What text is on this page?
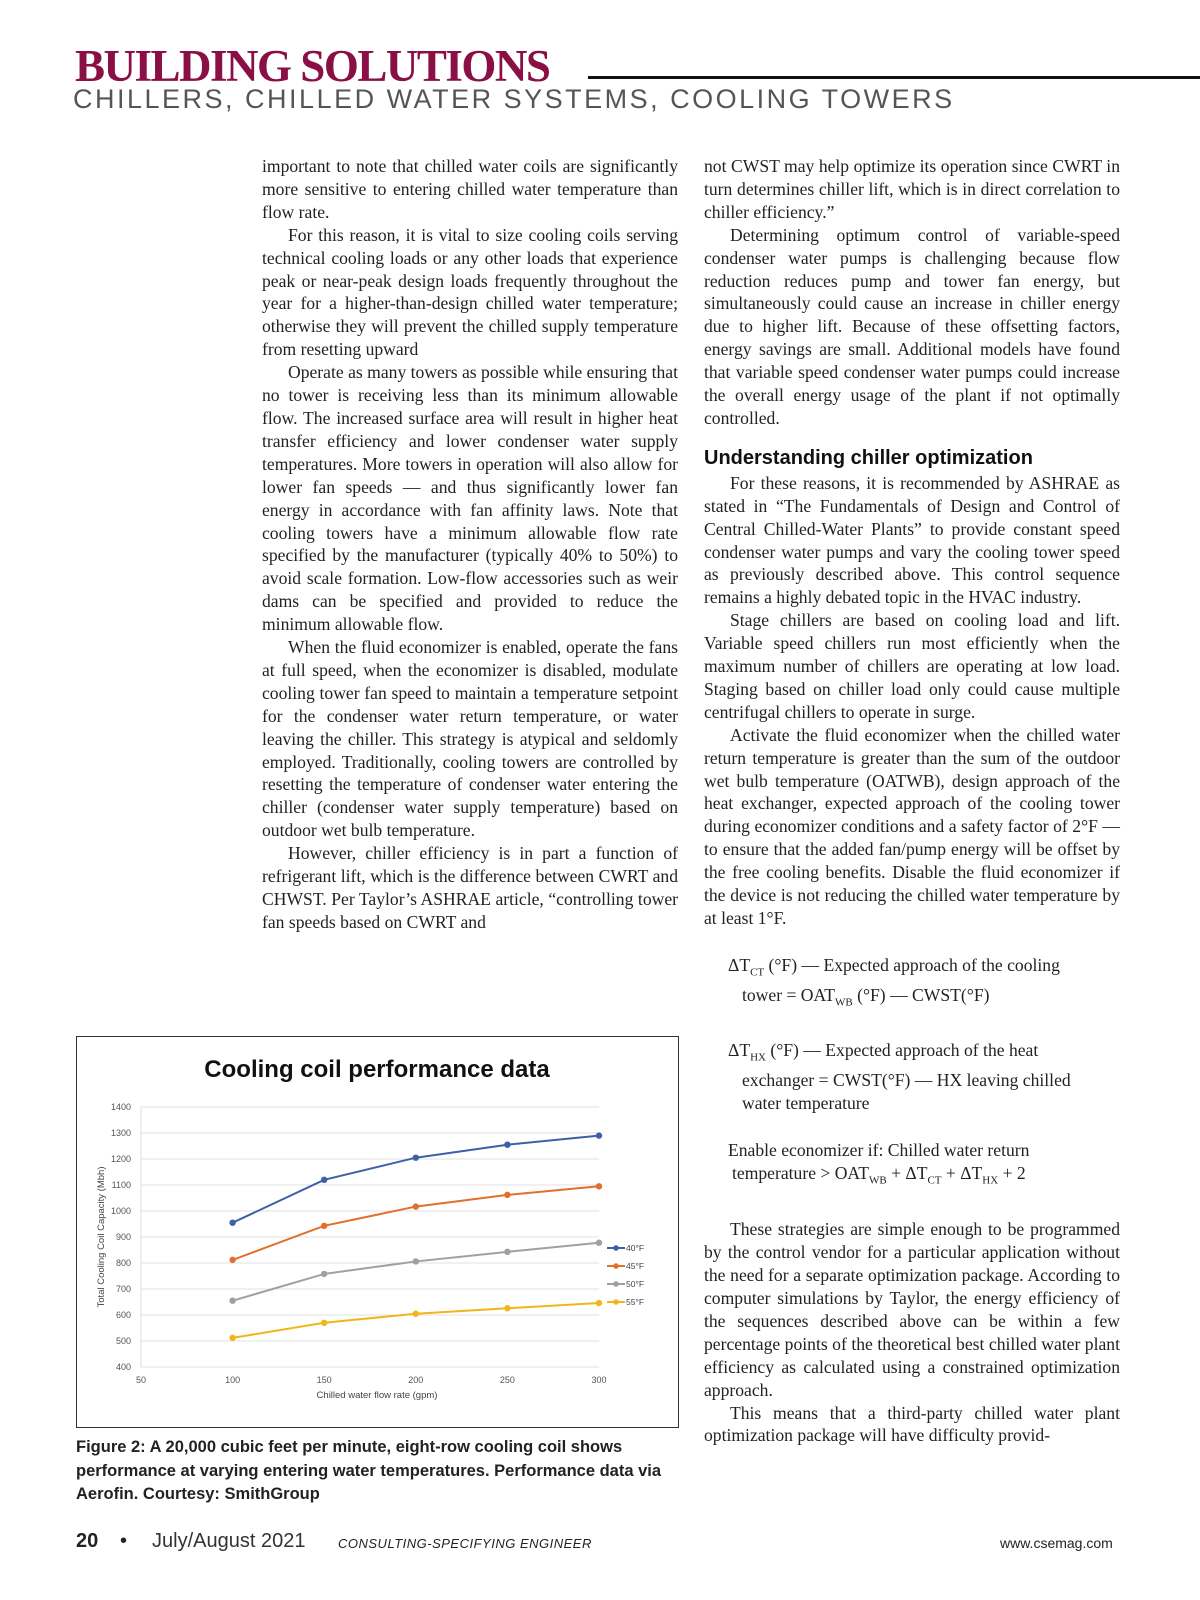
BUILDING SOLUTIONS
CHILLERS, CHILLED WATER SYSTEMS, COOLING TOWERS

important to note that chilled water coils are significantly more sensitive to entering chilled water temperature than flow rate.

For this reason, it is vital to size cooling coils serving technical cooling loads or any other loads that experience peak or near-peak design loads frequently throughout the year for a higher-than-design chilled water temperature; otherwise they will prevent the chilled supply temperature from resetting upward

Operate as many towers as possible while ensuring that no tower is receiving less than its minimum allowable flow. The increased surface area will result in higher heat transfer efficiency and lower condenser water supply temperatures. More towers in operation will also allow for lower fan speeds — and thus significantly lower fan energy in accordance with fan affinity laws. Note that cooling towers have a minimum allowable flow rate specified by the manufacturer (typically 40% to 50%) to avoid scale formation. Low-flow accessories such as weir dams can be specified and provided to reduce the minimum allowable flow.

When the fluid economizer is enabled, operate the fans at full speed, when the economizer is disabled, modulate cooling tower fan speed to maintain a temperature setpoint for the condenser water return temperature, or water leaving the chiller. This strategy is atypical and seldomly employed. Traditionally, cooling towers are controlled by resetting the temperature of condenser water entering the chiller (condenser water supply temperature) based on outdoor wet bulb temperature.

However, chiller efficiency is in part a function of refrigerant lift, which is the difference between CWRT and CHWST. Per Taylor’s ASHRAE article, “controlling tower fan speeds based on CWRT and

not CWST may help optimize its operation since CWRT in turn determines chiller lift, which is in direct correlation to chiller efficiency.”

Determining optimum control of variable-speed condenser water pumps is challenging because flow reduction reduces pump and tower fan energy, but simultaneously could cause an increase in chiller energy due to higher lift. Because of these offsetting factors, energy savings are small. Additional models have found that variable speed condenser water pumps could increase the overall energy usage of the plant if not optimally controlled.

Understanding chiller optimization

For these reasons, it is recommended by ASHRAE as stated in “The Fundamentals of Design and Control of Central Chilled-Water Plants” to provide constant speed condenser water pumps and vary the cooling tower speed as previously described above. This control sequence remains a highly debated topic in the HVAC industry.

Stage chillers are based on cooling load and lift. Variable speed chillers run most efficiently when the maximum number of chillers are operating at low load. Staging based on chiller load only could cause multiple centrifugal chillers to operate in surge.

Activate the fluid economizer when the chilled water return temperature is greater than the sum of the outdoor wet bulb temperature (OATWB), design approach of the heat exchanger, expected approach of the cooling tower during economizer conditions and a safety factor of 2°F — to ensure that the added fan/pump energy will be offset by the free cooling benefits. Disable the fluid economizer if the device is not reducing the chilled water temperature by at least 1°F.

$\Delta T_{CT}$ (°F) — Expected approach of the cooling
tower = $OAT_{WB}$ (°F) — CWST(°F)
$\Delta T_{HX}$ (°F) — Expected approach of the heat
exchanger = CWST(°F) — HX leaving chilled
water temperature
Enable economizer if: Chilled water return
temperature > $OAT_{WB} + \Delta T_{CT} + \Delta T_{HX} + 2$

These strategies are simple enough to be programmed by the control vendor for a particular application without the need for a separate optimization package. According to computer simulations by Taylor, the energy efficiency of the sequences described above can be within a few percentage points of the theoretical best chilled water plant efficiency as calculated using a constrained optimization approach.

This means that a third-party chilled water plant optimization package will have difficulty provid-

Cooling coil performance data
400
500
600
700
800
900
1000
1100
1200
1300
1400
50	100	150	200	250	300
Chilled water flow rate (gpm)
Total Cooling Coil Capacity (Mbh)	40°F
45°F
50°F
55°F
Figure 2: A 20,000 cubic feet per minute, eight-row cooling coil shows performance at varying entering water temperatures. Performance data via Aerofin. Courtesy: SmithGroup
20 • July/August 2021	CONSULTING-SPECIFYING ENGINEER	www.csemag.com
